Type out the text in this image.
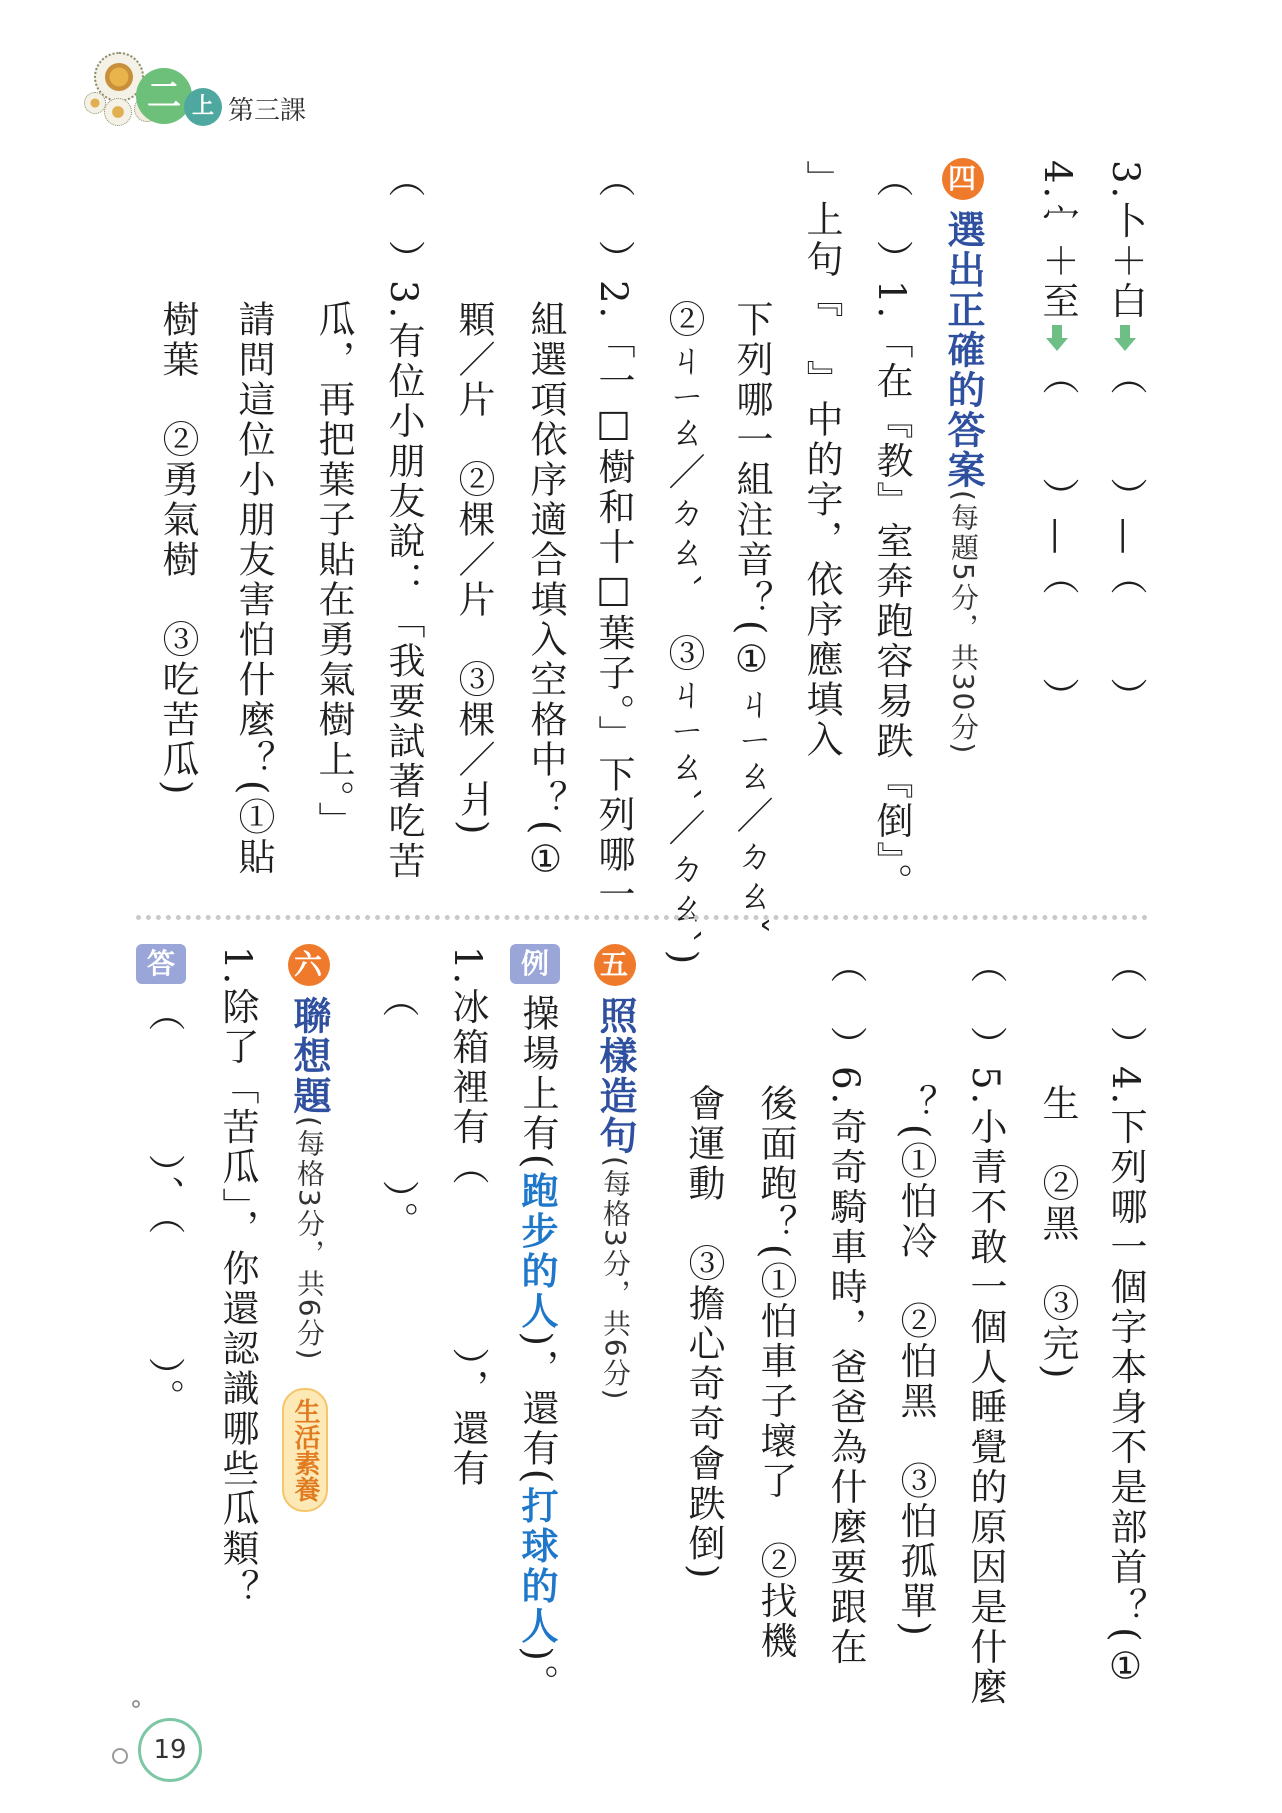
二 上 第三課
3.卜＋白（　　）—（　　）
4.宀＋至（　　）—（　　）
四選出正確的答案(每題5分，共30分)
（　）1.「在『教』室奔跑容易跌『倒』。
」上句『　』中的字，依序應填入
下列哪一組注音？(①ㄐㄧㄠ／ㄉㄠˇ
②ㄐㄧㄠ／ㄉㄠˋ　③ㄐㄧㄠˋ／ㄉㄠˋ)
（　）2.「一□樹和十□葉子。」下列哪一
組選項依序適合填入空格中？(①
顆／片　②棵／片　③棵／爿)
（　）3.有位小朋友說：「我要試著吃苦
瓜，再把葉子貼在勇氣樹上。」
請問這位小朋友害怕什麼？(①貼
樹葉　②勇氣樹　③吃苦瓜)
（　）4.下列哪一個字本身不是部首？(①
生　②黑　③完)
（　）5.小青不敢一個人睡覺的原因是什麼
？(①怕冷　②怕黑　③怕孤單)
（　）6.奇奇騎車時，爸爸為什麼要跟在
後面跑？(①怕車子壞了　②找機
會運動　③擔心奇奇會跌倒)
五照樣造句(每格3分，共6分)
例
操場上有(跑步的人)，還有(打球的人)。
1.冰箱裡有（　　　　），還有
（　　　　）。
六聯想題(每格3分，共6分)
生活素養
1.除了「苦瓜」，你還認識哪些瓜類？
答
（　　　）、（　　　）。
19
